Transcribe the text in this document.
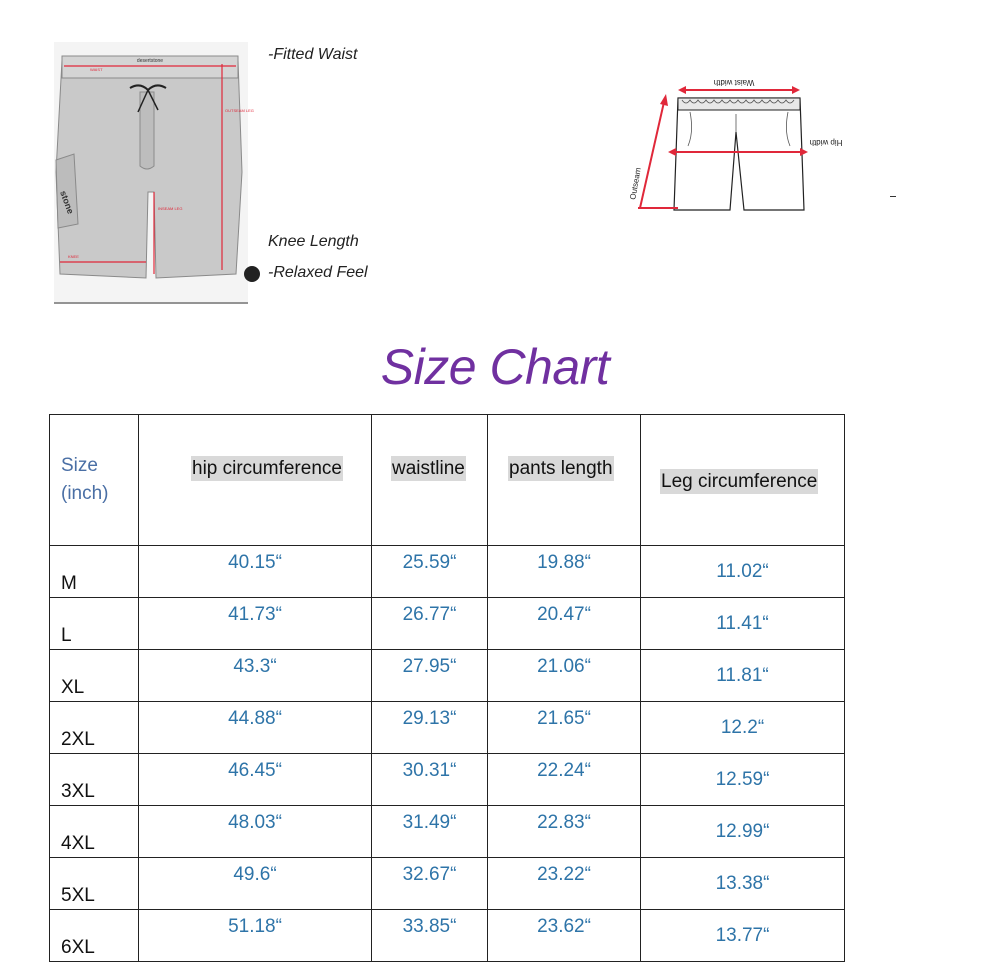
desertstone
WAIST
OUTSEAM LEG
INSEAM LEG
KNEE
stone
-Fitted Waist
Knee Length
-Relaxed Feel
Waist width
Hip width
Outseam
Size Chart
Size
(inch)	hip circumference	waistline	pants length	Leg circumference
M	40.15“	25.59“	19.88“	11.02“
L	41.73“	26.77“	20.47“	11.41“
XL	43.3“	27.95“	21.06“	11.81“
2XL	44.88“	29.13“	21.65“	12.2“
3XL	46.45“	30.31“	22.24“	12.59“
4XL	48.03“	31.49“	22.83“	12.99“
5XL	49.6“	32.67“	23.22“	13.38“
6XL	51.18“	33.85“	23.62“	13.77“
